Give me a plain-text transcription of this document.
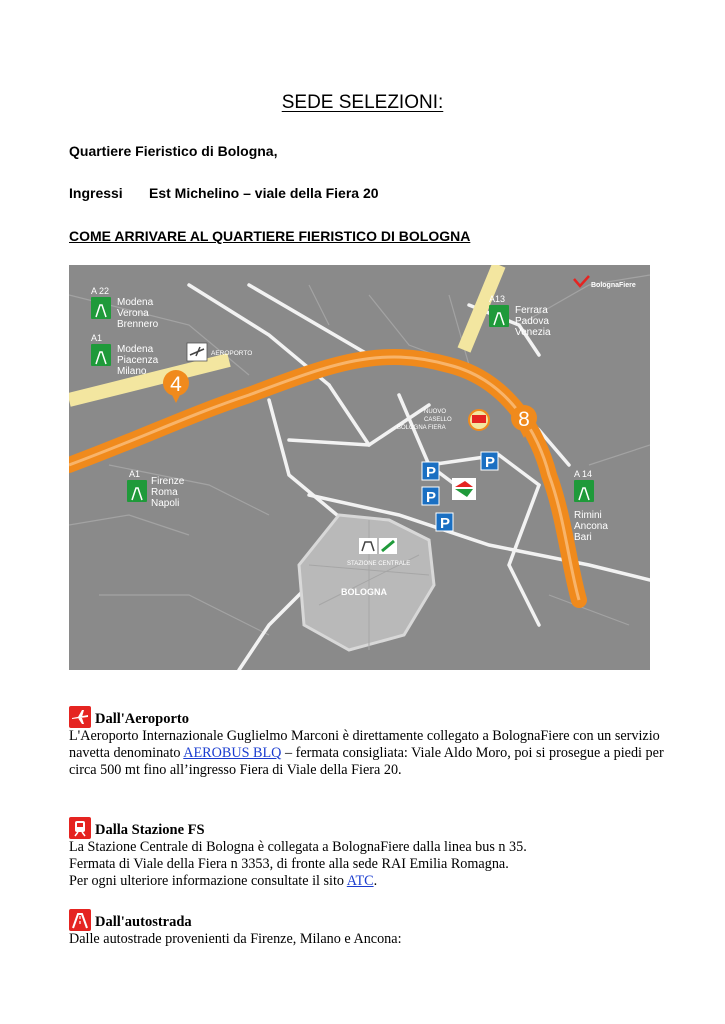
SEDE SELEZIONI:
Quartiere Fieristico di Bologna,
Ingressi Est Michelino – viale della Fiera 20
COME ARRIVARE AL QUARTIERE FIERISTICO DI BOLOGNA
BolognaFiere
A 22
Modena
Verona
Brennero
A1
Modena
Piacenza
Milano
A13
Ferrara
Padova
Venezia
A1
Firenze
Roma
Napoli
A 14
Rimini
Ancona
Bari
AEROPORTO
4
8
NUOVO
CASELLO
BOLOGNA FIERA
P
P
P
P
STAZIONE CENTRALE
BOLOGNA
Dall'Aeroporto

L'Aeroporto Internazionale Guglielmo Marconi è direttamente collegato a BolognaFiere con un servizio navetta denominato AEROBUS BLQ – fermata consigliata: Viale Aldo Moro, poi si prosegue a piedi per circa 500 mt fino all’ingresso Fiera di Viale della Fiera 20.

Dalla Stazione FS

La Stazione Centrale di Bologna è collegata a BolognaFiere dalla linea bus n 35.
Fermata di Viale della Fiera n 3353, di fronte alla sede RAI Emilia Romagna.
Per ogni ulteriore informazione consultate il sito ATC.

Dall'autostrada

Dalle autostrade provenienti da Firenze, Milano e Ancona:
